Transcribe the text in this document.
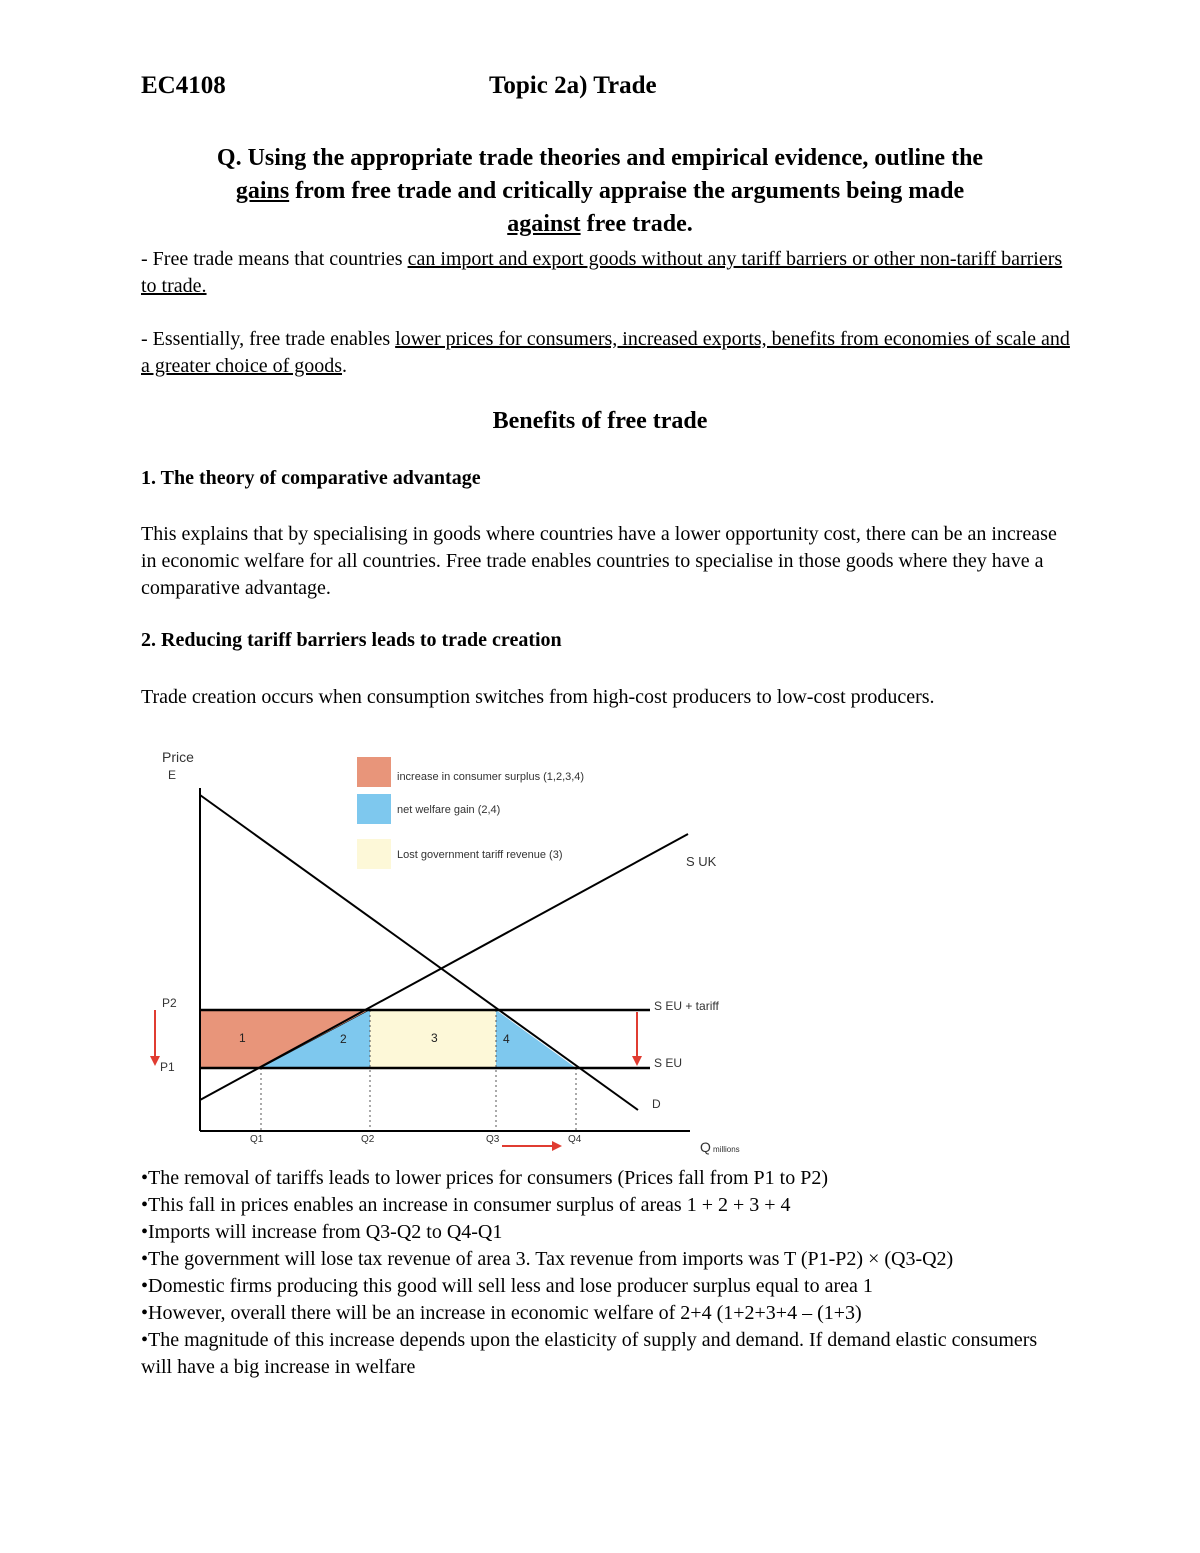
EC4108	Topic 2a) Trade
Q. Using the appropriate trade theories and empirical evidence, outline the
gains from free trade and critically appraise the arguments being made
against free trade.
- Free trade means that countries can import and export goods without any tariff barriers or other non-tariff barriers to trade.
- Essentially, free trade enables lower prices for consumers, increased exports, benefits from economies of scale and a greater choice of goods.
Benefits of free trade
1. The theory of comparative advantage
This explains that by specialising in goods where countries have a lower opportunity cost, there can be an increase in economic welfare for all countries. Free trade enables countries to specialise in those goods where they have a comparative advantage.
2. Reducing tariff barriers leads to trade creation
Trade creation occurs when consumption switches from high-cost producers to low-cost producers.
increase in consumer surplus (1,2,3,4)
net welfare gain (2,4)
Lost government tariff revenue (3)
Price
E
Q millions
P2
P1
Q1	Q2	Q3	Q4
S UK
S EU + tariff
S EU
D
1	2	3	4
•The removal of tariffs leads to lower prices for consumers (Prices fall from P1 to P2)
•This fall in prices enables an increase in consumer surplus of areas 1 + 2 + 3 + 4
•Imports will increase from Q3-Q2 to Q4-Q1
•The government will lose tax revenue of area 3. Tax revenue from imports was T (P1-P2) × (Q3-Q2)
•Domestic firms producing this good will sell less and lose producer surplus equal to area 1
•However, overall there will be an increase in economic welfare of 2+4 (1+2+3+4 – (1+3)
•The magnitude of this increase depends upon the elasticity of supply and demand. If demand elastic consumers will have a big increase in welfare
